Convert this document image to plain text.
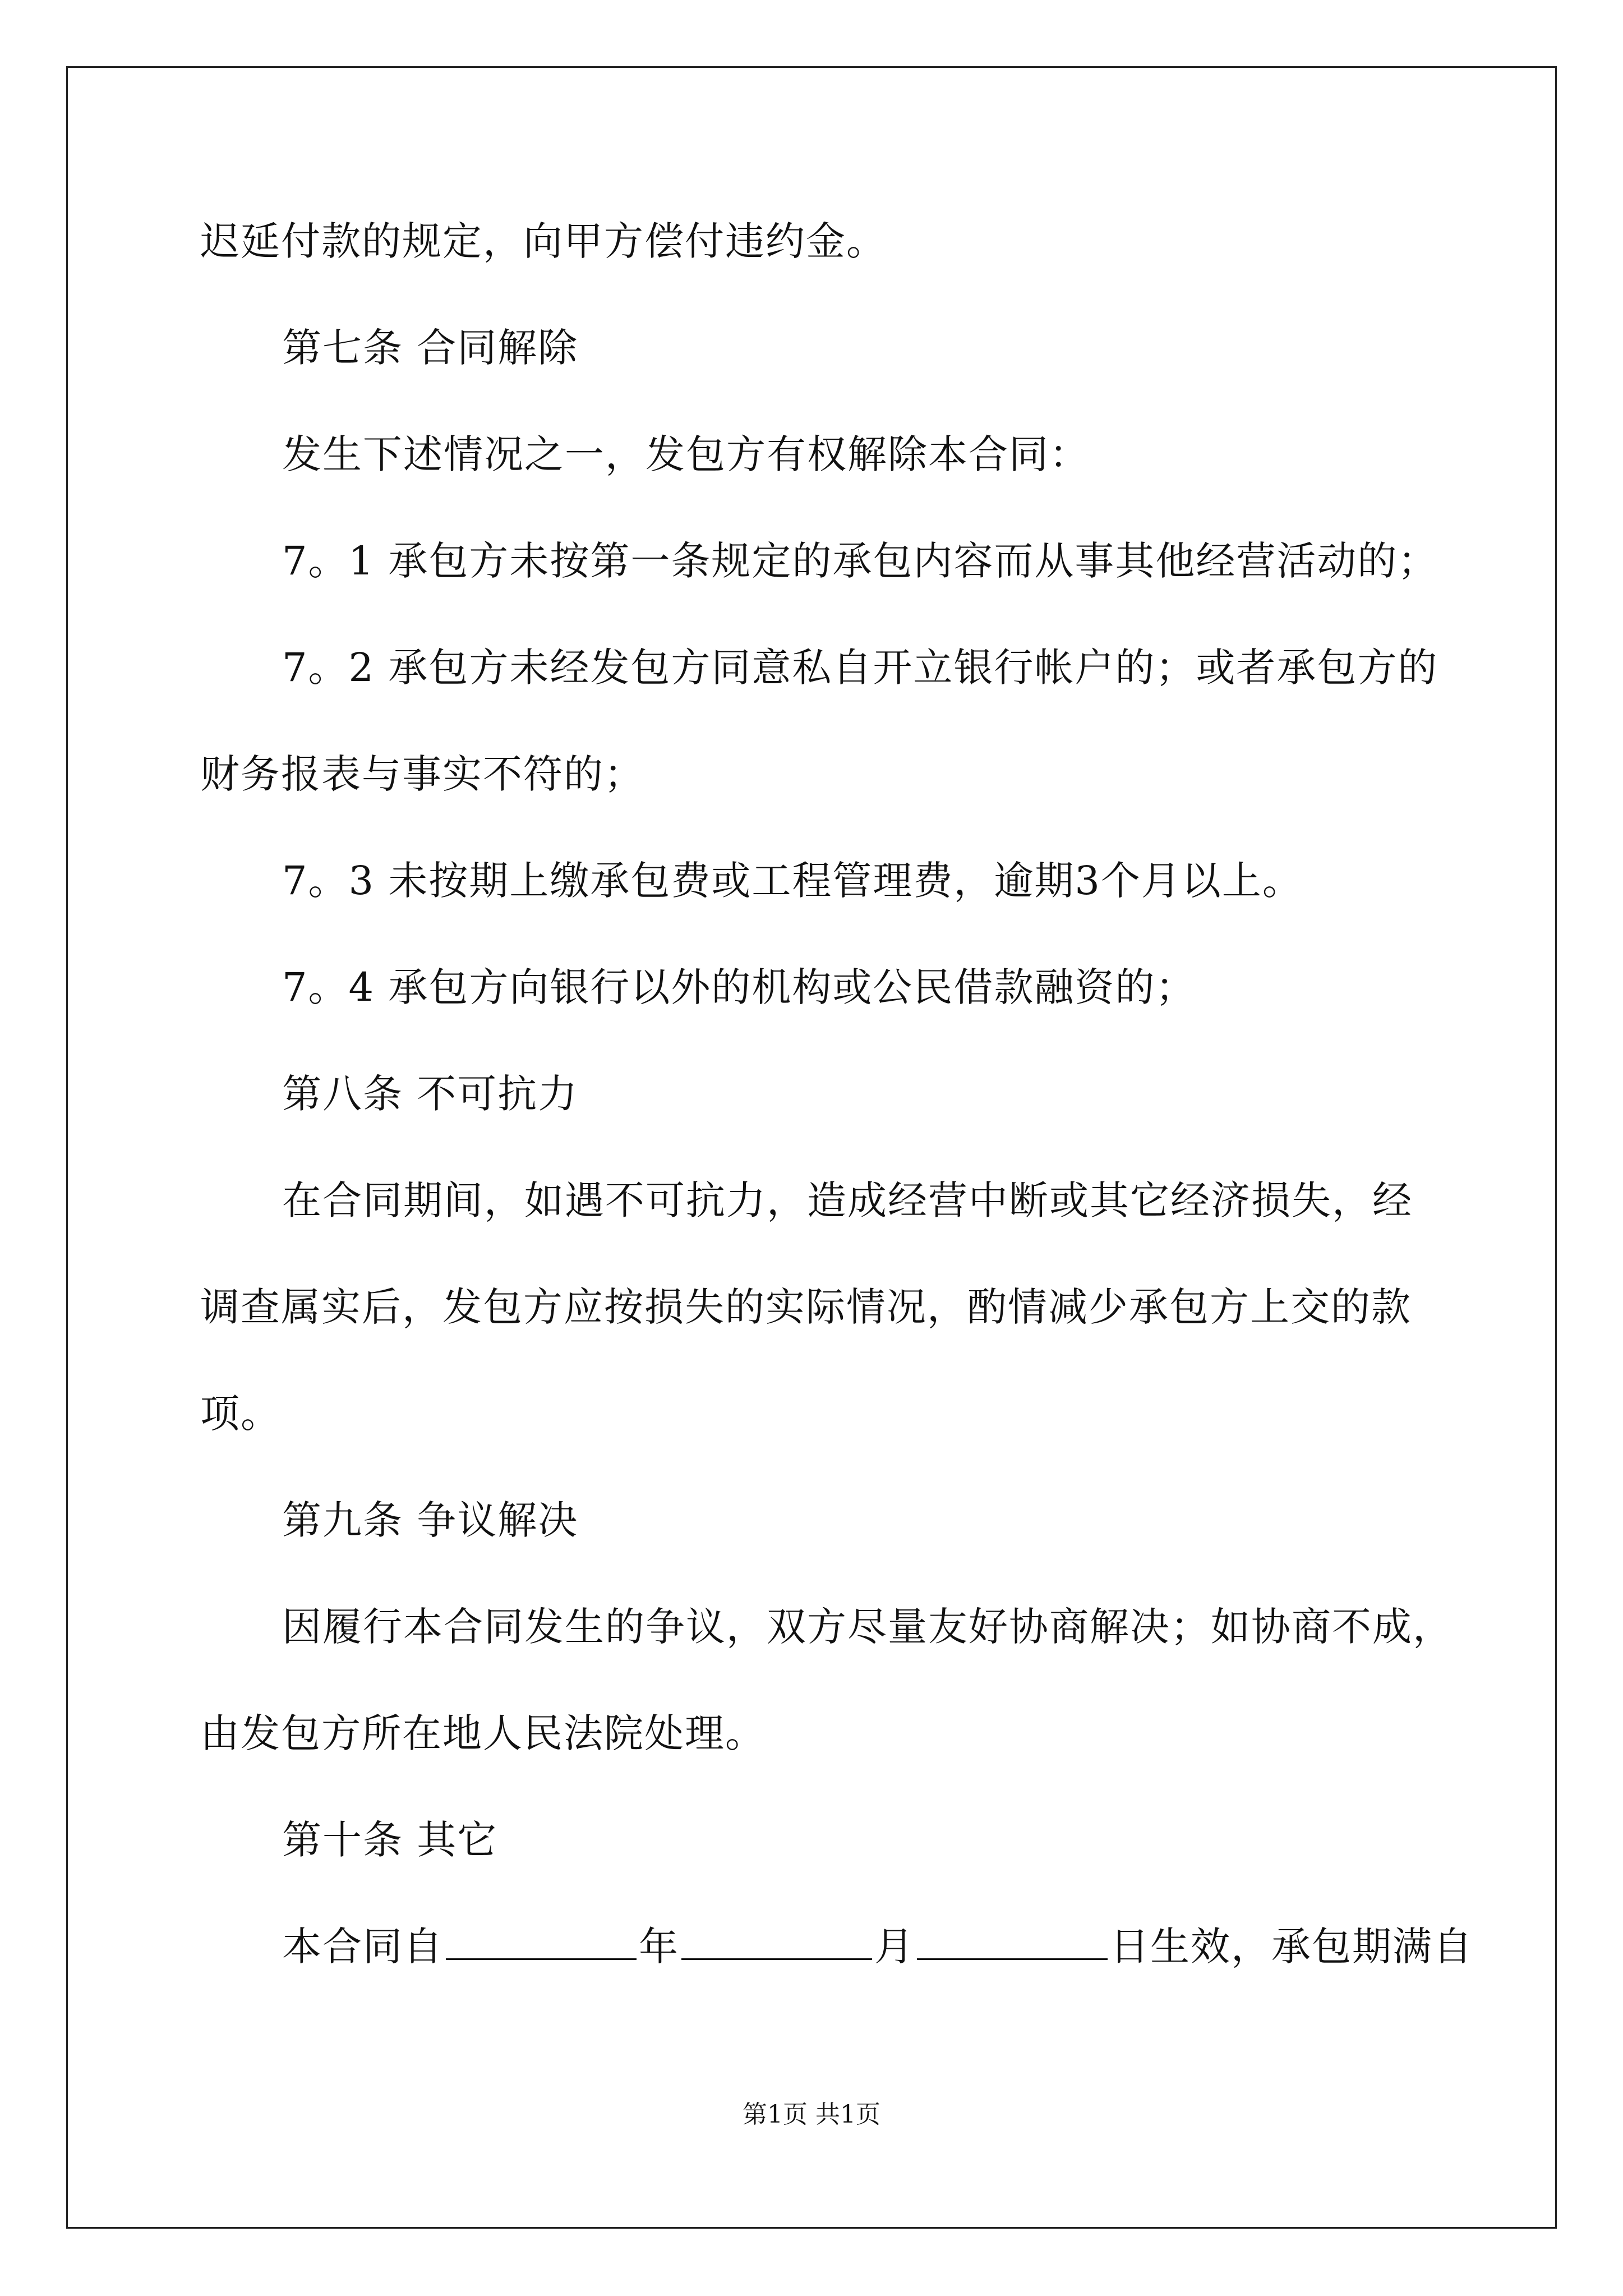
迟延付款的规定，向甲方偿付违约金。
第七条 合同解除
发生下述情况之一，发包方有权解除本合同：
7。1 承包方未按第一条规定的承包内容而从事其他经营活动的；
7。2 承包方未经发包方同意私自开立银行帐户的；或者承包方的
财务报表与事实不符的；
7。3 未按期上缴承包费或工程管理费，逾期3个月以上。
7。4 承包方向银行以外的机构或公民借款融资的；
第八条 不可抗力
在合同期间，如遇不可抗力，造成经营中断或其它经济损失，经
调查属实后，发包方应按损失的实际情况，酌情减少承包方上交的款
项。
第九条 争议解决
因履行本合同发生的争议，双方尽量友好协商解决；如协商不成，
由发包方所在地人民法院处理。
第十条 其它
本合同自	年	月	日生效，承包期满自
第1页 共1页
